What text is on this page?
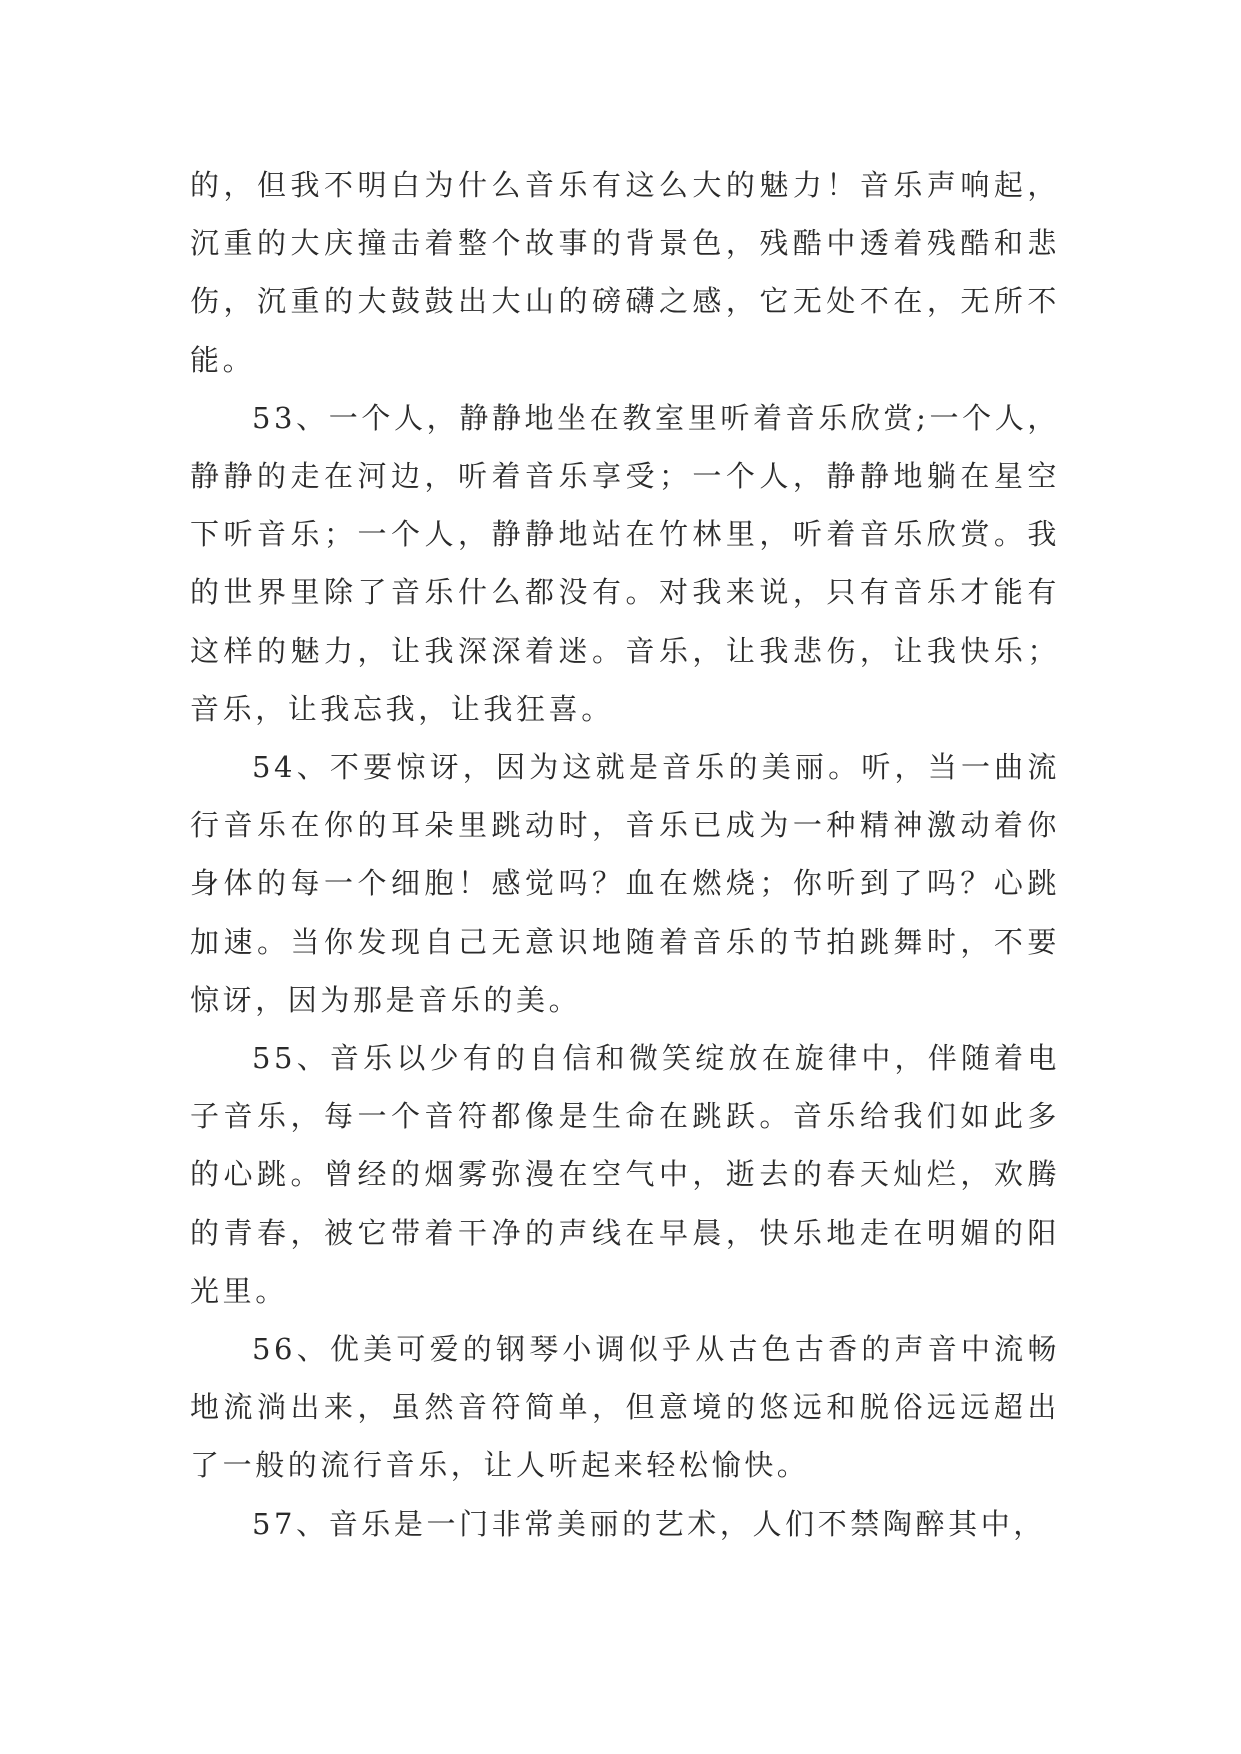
的，但我不明白为什么音乐有这么大的魅力！音乐声响起，沉重的大庆撞击着整个故事的背景色，残酷中透着残酷和悲伤，沉重的大鼓鼓出大山的磅礴之感，它无处不在，无所不能。

53、一个人，静静地坐在教室里听着音乐欣赏;一个人，静静的走在河边，听着音乐享受；一个人，静静地躺在星空下听音乐；一个人，静静地站在竹林里，听着音乐欣赏。我的世界里除了音乐什么都没有。对我来说，只有音乐才能有这样的魅力，让我深深着迷。音乐，让我悲伤，让我快乐；音乐，让我忘我，让我狂喜。

54、不要惊讶，因为这就是音乐的美丽。听，当一曲流行音乐在你的耳朵里跳动时，音乐已成为一种精神激动着你身体的每一个细胞！感觉吗？血在燃烧；你听到了吗？心跳加速。当你发现自己无意识地随着音乐的节拍跳舞时，不要惊讶，因为那是音乐的美。

55、音乐以少有的自信和微笑绽放在旋律中，伴随着电子音乐，每一个音符都像是生命在跳跃。音乐给我们如此多的心跳。曾经的烟雾弥漫在空气中，逝去的春天灿烂，欢腾的青春，被它带着干净的声线在早晨，快乐地走在明媚的阳光里。

56、优美可爱的钢琴小调似乎从古色古香的声音中流畅地流淌出来，虽然音符简单，但意境的悠远和脱俗远远超出了一般的流行音乐，让人听起来轻松愉快。

57、音乐是一门非常美丽的艺术，人们不禁陶醉其中，
